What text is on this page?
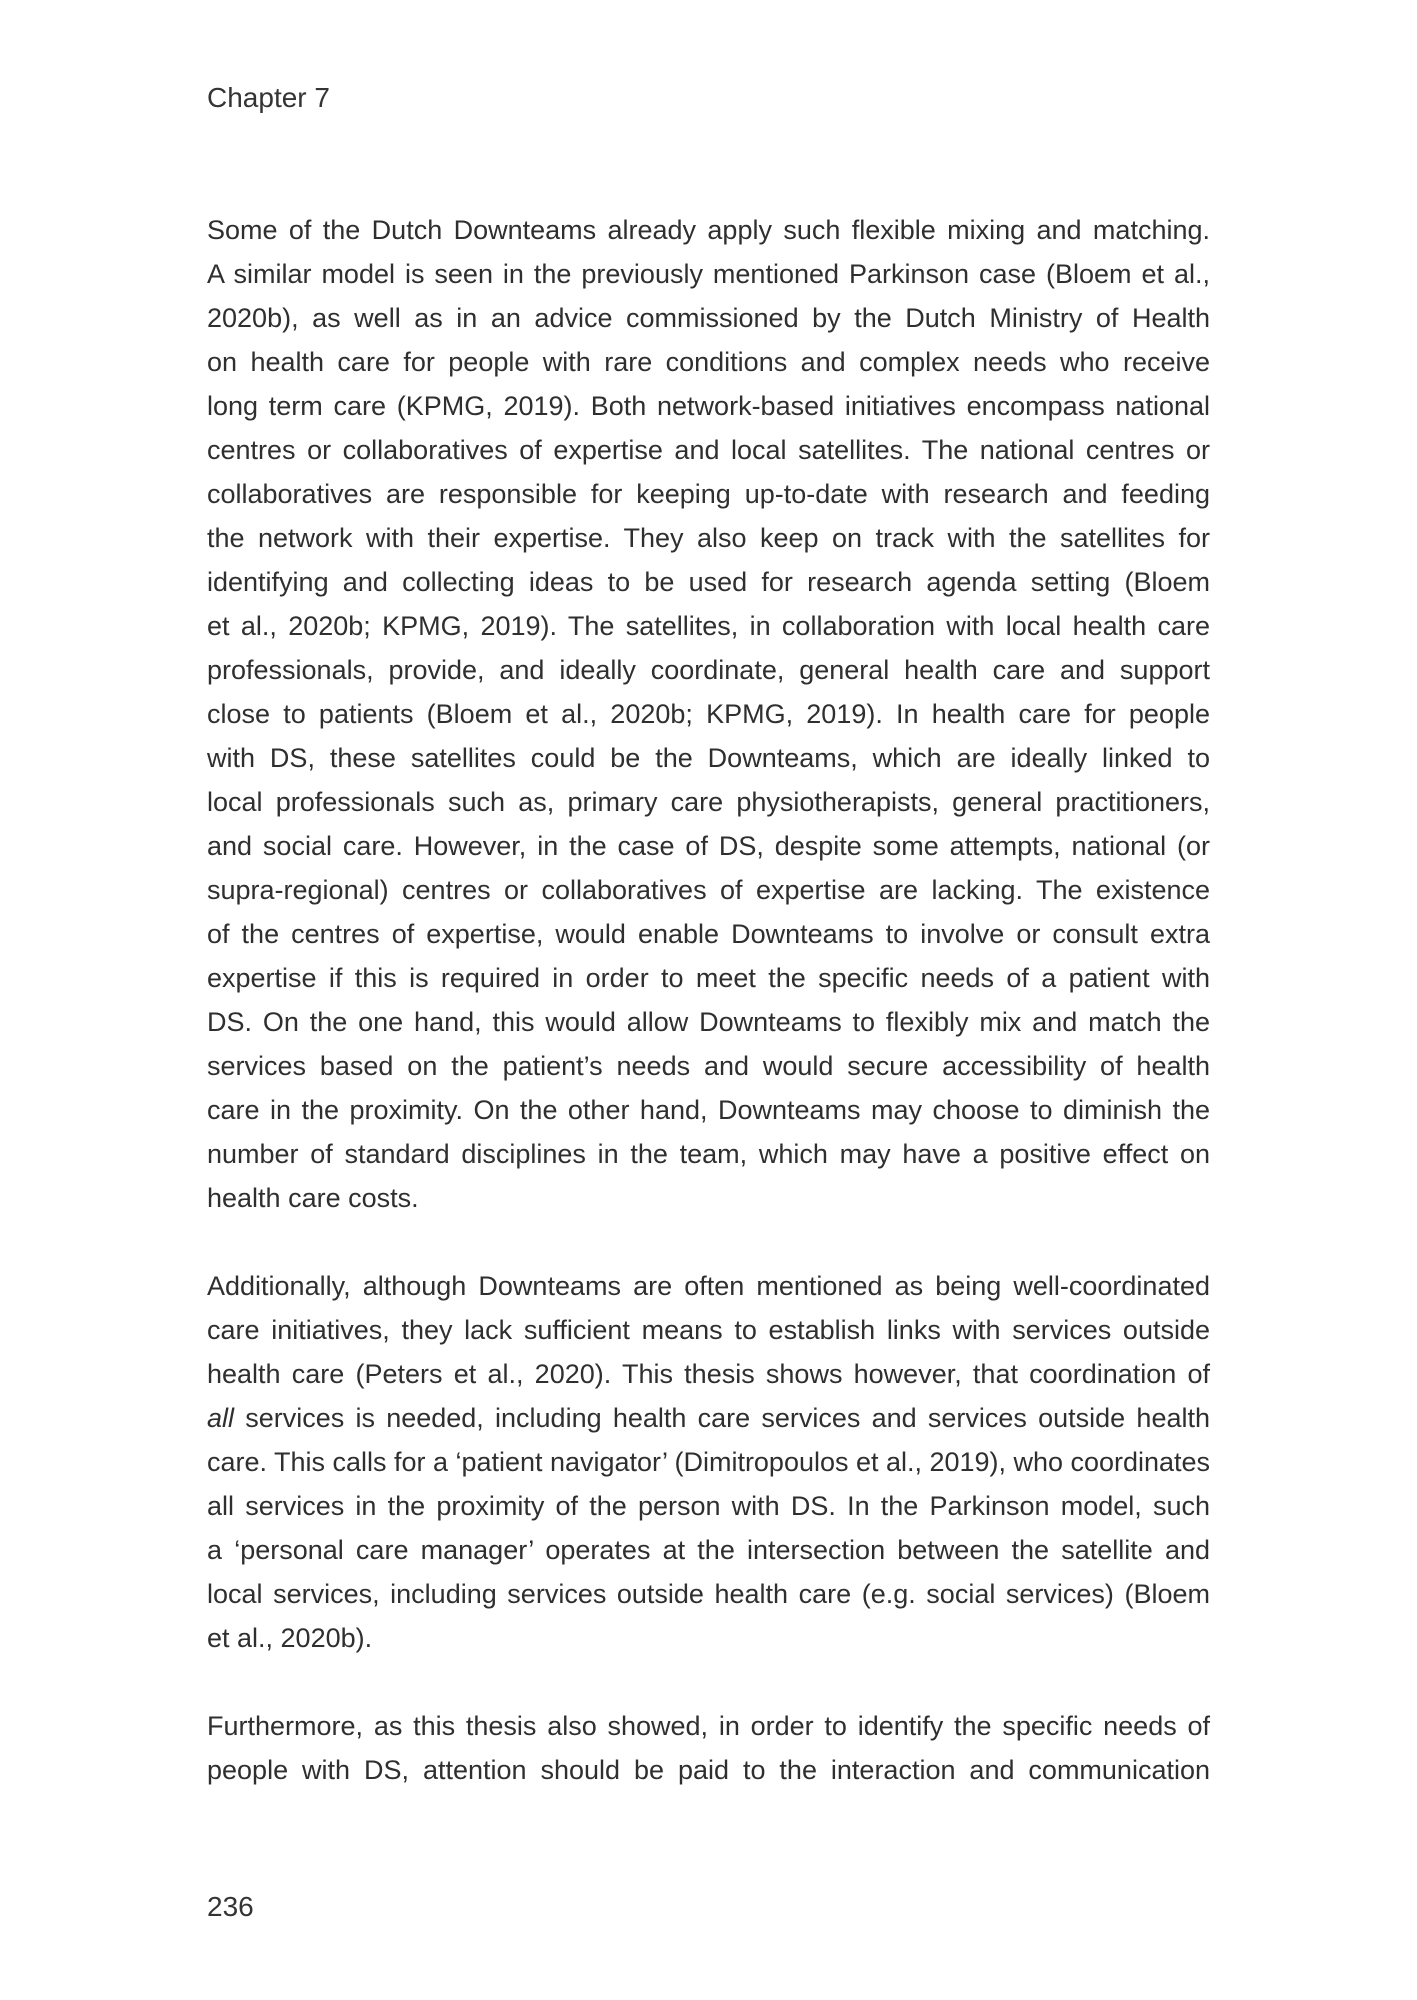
Chapter 7
Some of the Dutch Downteams already apply such flexible mixing and matching.
A similar model is seen in the previously mentioned Parkinson case (Bloem et al.,
2020b), as well as in an advice commissioned by the Dutch Ministry of Health
on health care for people with rare conditions and complex needs who receive
long term care (KPMG, 2019). Both network-based initiatives encompass national
centres or collaboratives of expertise and local satellites. The national centres or
collaboratives are responsible for keeping up-to-date with research and feeding
the network with their expertise. They also keep on track with the satellites for
identifying and collecting ideas to be used for research agenda setting (Bloem
et al., 2020b; KPMG, 2019). The satellites, in collaboration with local health care
professionals, provide, and ideally coordinate, general health care and support
close to patients (Bloem et al., 2020b; KPMG, 2019). In health care for people
with DS, these satellites could be the Downteams, which are ideally linked to
local professionals such as, primary care physiotherapists, general practitioners,
and social care. However, in the case of DS, despite some attempts, national (or
supra-regional) centres or collaboratives of expertise are lacking. The existence
of the centres of expertise, would enable Downteams to involve or consult extra
expertise if this is required in order to meet the specific needs of a patient with
DS. On the one hand, this would allow Downteams to flexibly mix and match the
services based on the patient’s needs and would secure accessibility of health
care in the proximity. On the other hand, Downteams may choose to diminish the
number of standard disciplines in the team, which may have a positive effect on
health care costs.
Additionally, although Downteams are often mentioned as being well-coordinated
care initiatives, they lack sufficient means to establish links with services outside
health care (Peters et al., 2020). This thesis shows however, that coordination of
all services is needed, including health care services and services outside health
care. This calls for a ‘patient navigator’ (Dimitropoulos et al., 2019), who coordinates
all services in the proximity of the person with DS. In the Parkinson model, such
a ‘personal care manager’ operates at the intersection between the satellite and
local services, including services outside health care (e.g. social services) (Bloem
et al., 2020b).
Furthermore, as this thesis also showed, in order to identify the specific needs of
people with DS, attention should be paid to the interaction and communication
236
